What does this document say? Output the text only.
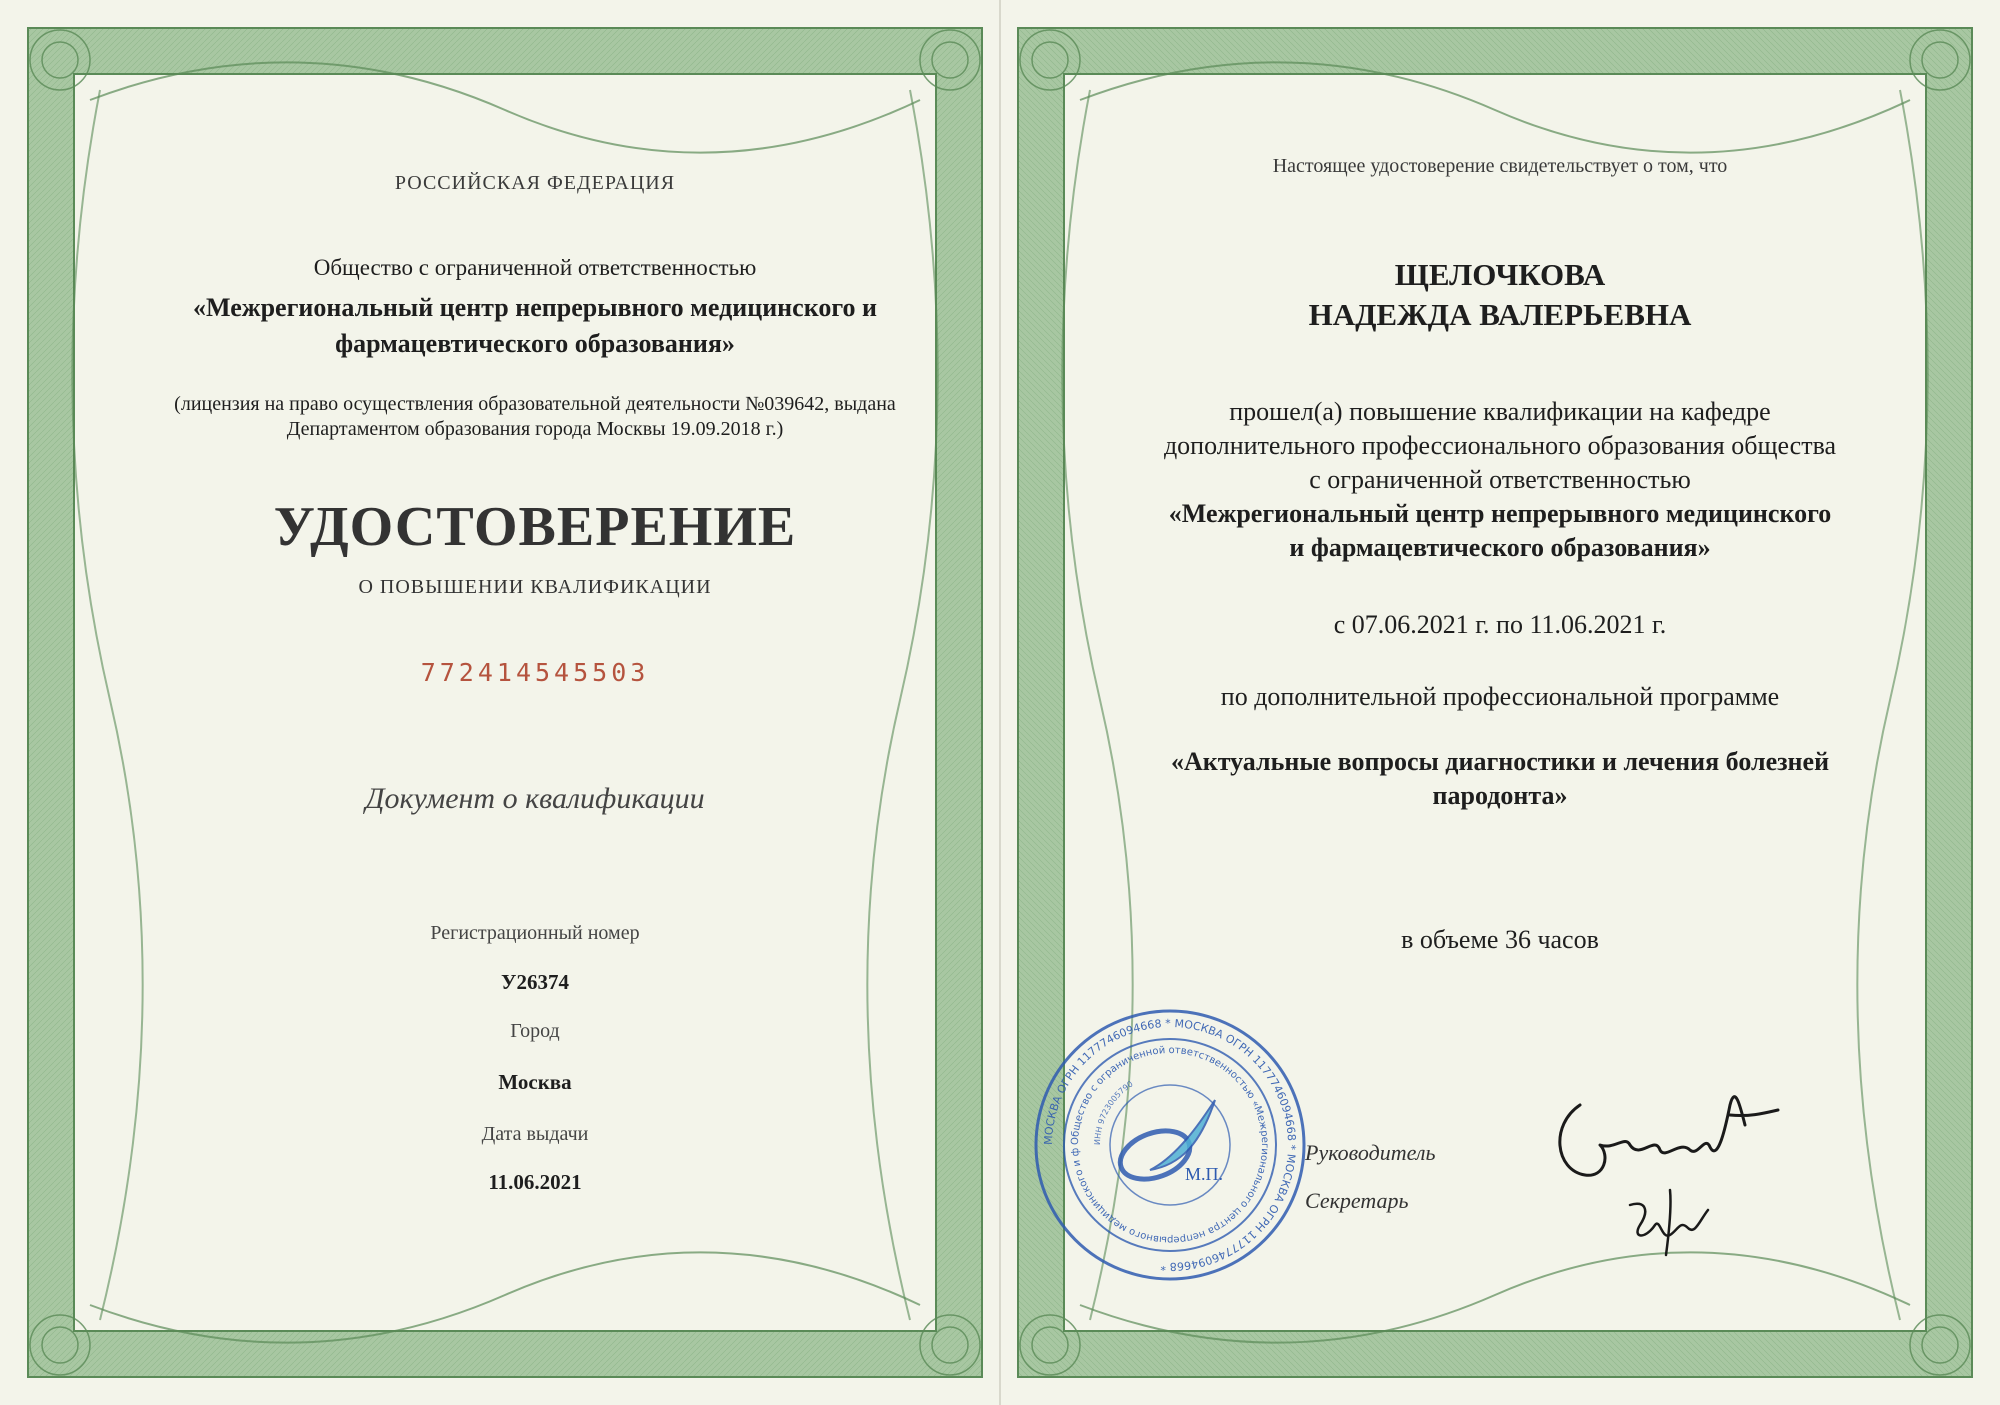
РОССИЙСКАЯ ФЕДЕРАЦИЯ
Общество с ограниченной ответственностью
«Межрегиональный центр непрерывного медицинского и
фармацевтического образования»
(лицензия на право осуществления образовательной деятельности №039642, выдана
Департаментом образования города Москвы 19.09.2018 г.)
УДОСТОВЕРЕНИЕ
О ПОВЫШЕНИИ КВАЛИФИКАЦИИ
772414545503
Документ о квалификации
Регистрационный номер
У26374
Город
Москва
Дата выдачи
11.06.2021
Настоящее удостоверение свидетельствует о том, что
ЩЕЛОЧКОВА
НАДЕЖДА ВАЛЕРЬЕВНА
прошел(а) повышение квалификации на кафедре
дополнительного профессионального образования общества
с ограниченной ответственностью
«Межрегиональный центр непрерывного медицинского
и фармацевтического образования»
с 07.06.2021 г. по 11.06.2021 г.
по дополнительной профессиональной программе
«Актуальные вопросы диагностики и лечения болезней
пародонта»
в объеме 36 часов
Руководитель
Секретарь
МОСКВА ОГРН 1177746094668 * МОСКВА ОГРН 1177746094668 * МОСКВА ОГРН 1177746094668 *
Общество с ограниченной ответственностью «Межрегионального центра непрерывного медицинского и ф
ИНН 9723005790
М.П.
